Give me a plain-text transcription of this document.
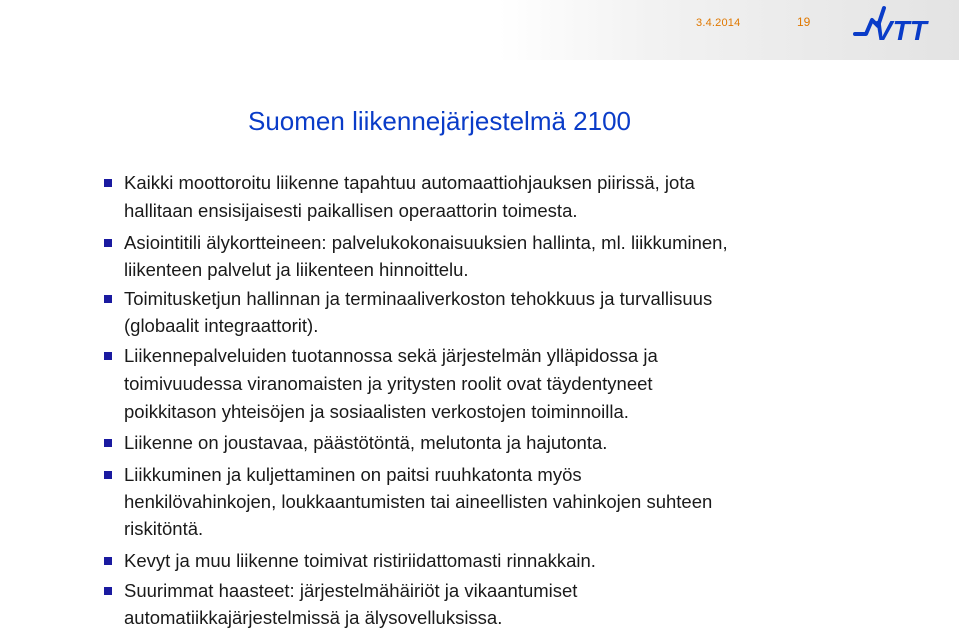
3.4.2014	19 VTT
Suomen liikennejärjestelmä 2100
Kaikki moottoroitu liikenne tapahtuu automaattiohjauksen piirissä, jota
hallitaan ensisijaisesti paikallisen operaattorin toimesta.
Asiointitili älykortteineen: palvelukokonaisuuksien hallinta, ml. liikkuminen,
liikenteen palvelut ja liikenteen hinnoittelu.
Toimitusketjun hallinnan ja terminaaliverkoston tehokkuus ja turvallisuus
(globaalit integraattorit).
Liikennepalveluiden tuotannossa sekä järjestelmän ylläpidossa ja
toimivuudessa viranomaisten ja yritysten roolit ovat täydentyneet
poikkitason yhteisöjen ja sosiaalisten verkostojen toiminnoilla.
Liikenne on joustavaa, päästötöntä, melutonta ja hajutonta.
Liikkuminen ja kuljettaminen on paitsi ruuhkatonta myös
henkilövahinkojen, loukkaantumisten tai aineellisten vahinkojen suhteen
riskitöntä.
Kevyt ja muu liikenne toimivat ristiriidattomasti rinnakkain.
Suurimmat haasteet: järjestelmähäiriöt ja vikaantumiset
automatiikkajärjestelmissä ja älysovelluksissa.
